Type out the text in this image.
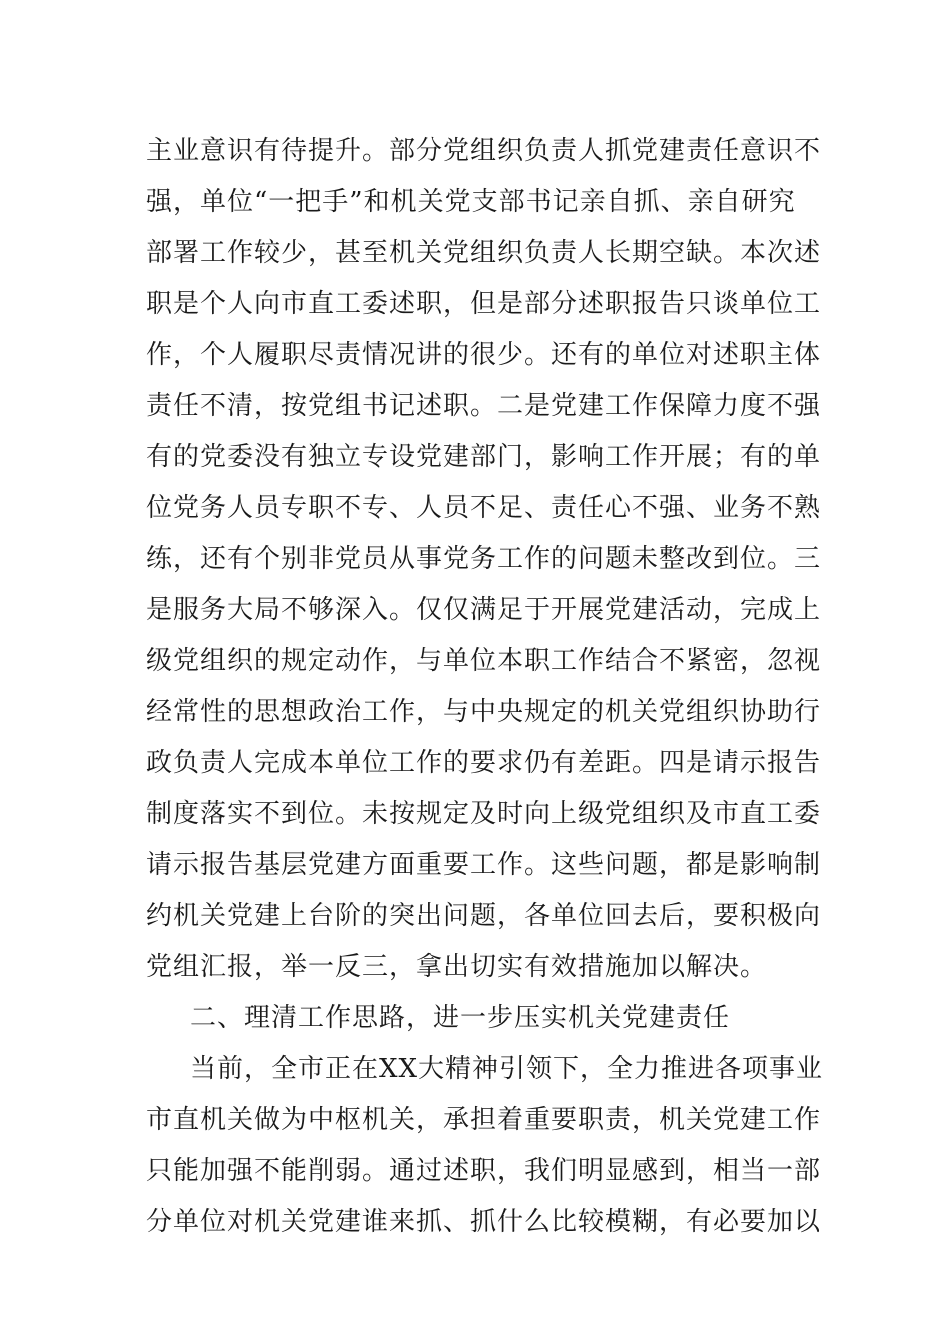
主业意识有待提升。部分党组织负责人抓党建责任意识不
强，单位“一把手”和机关党支部书记亲自抓、亲自研究
部署工作较少，甚至机关党组织负责人长期空缺。本次述
职是个人向市直工委述职，但是部分述职报告只谈单位工
作，个人履职尽责情况讲的很少。还有的单位对述职主体
责任不清，按党组书记述职。二是党建工作保障力度不强
有的党委没有独立专设党建部门，影响工作开展；有的单
位党务人员专职不专、人员不足、责任心不强、业务不熟
练，还有个别非党员从事党务工作的问题未整改到位。三
是服务大局不够深入。仅仅满足于开展党建活动，完成上
级党组织的规定动作，与单位本职工作结合不紧密，忽视
经常性的思想政治工作，与中央规定的机关党组织协助行
政负责人完成本单位工作的要求仍有差距。四是请示报告
制度落实不到位。未按规定及时向上级党组织及市直工委
请示报告基层党建方面重要工作。这些问题，都是影响制
约机关党建上台阶的突出问题，各单位回去后，要积极向
党组汇报，举一反三，拿出切实有效措施加以解决。
二、理清工作思路，进一步压实机关党建责任
当前，全市正在XX大精神引领下，全力推进各项事业
市直机关做为中枢机关，承担着重要职责，机关党建工作
只能加强不能削弱。通过述职，我们明显感到，相当一部
分单位对机关党建谁来抓、抓什么比较模糊，有必要加以
